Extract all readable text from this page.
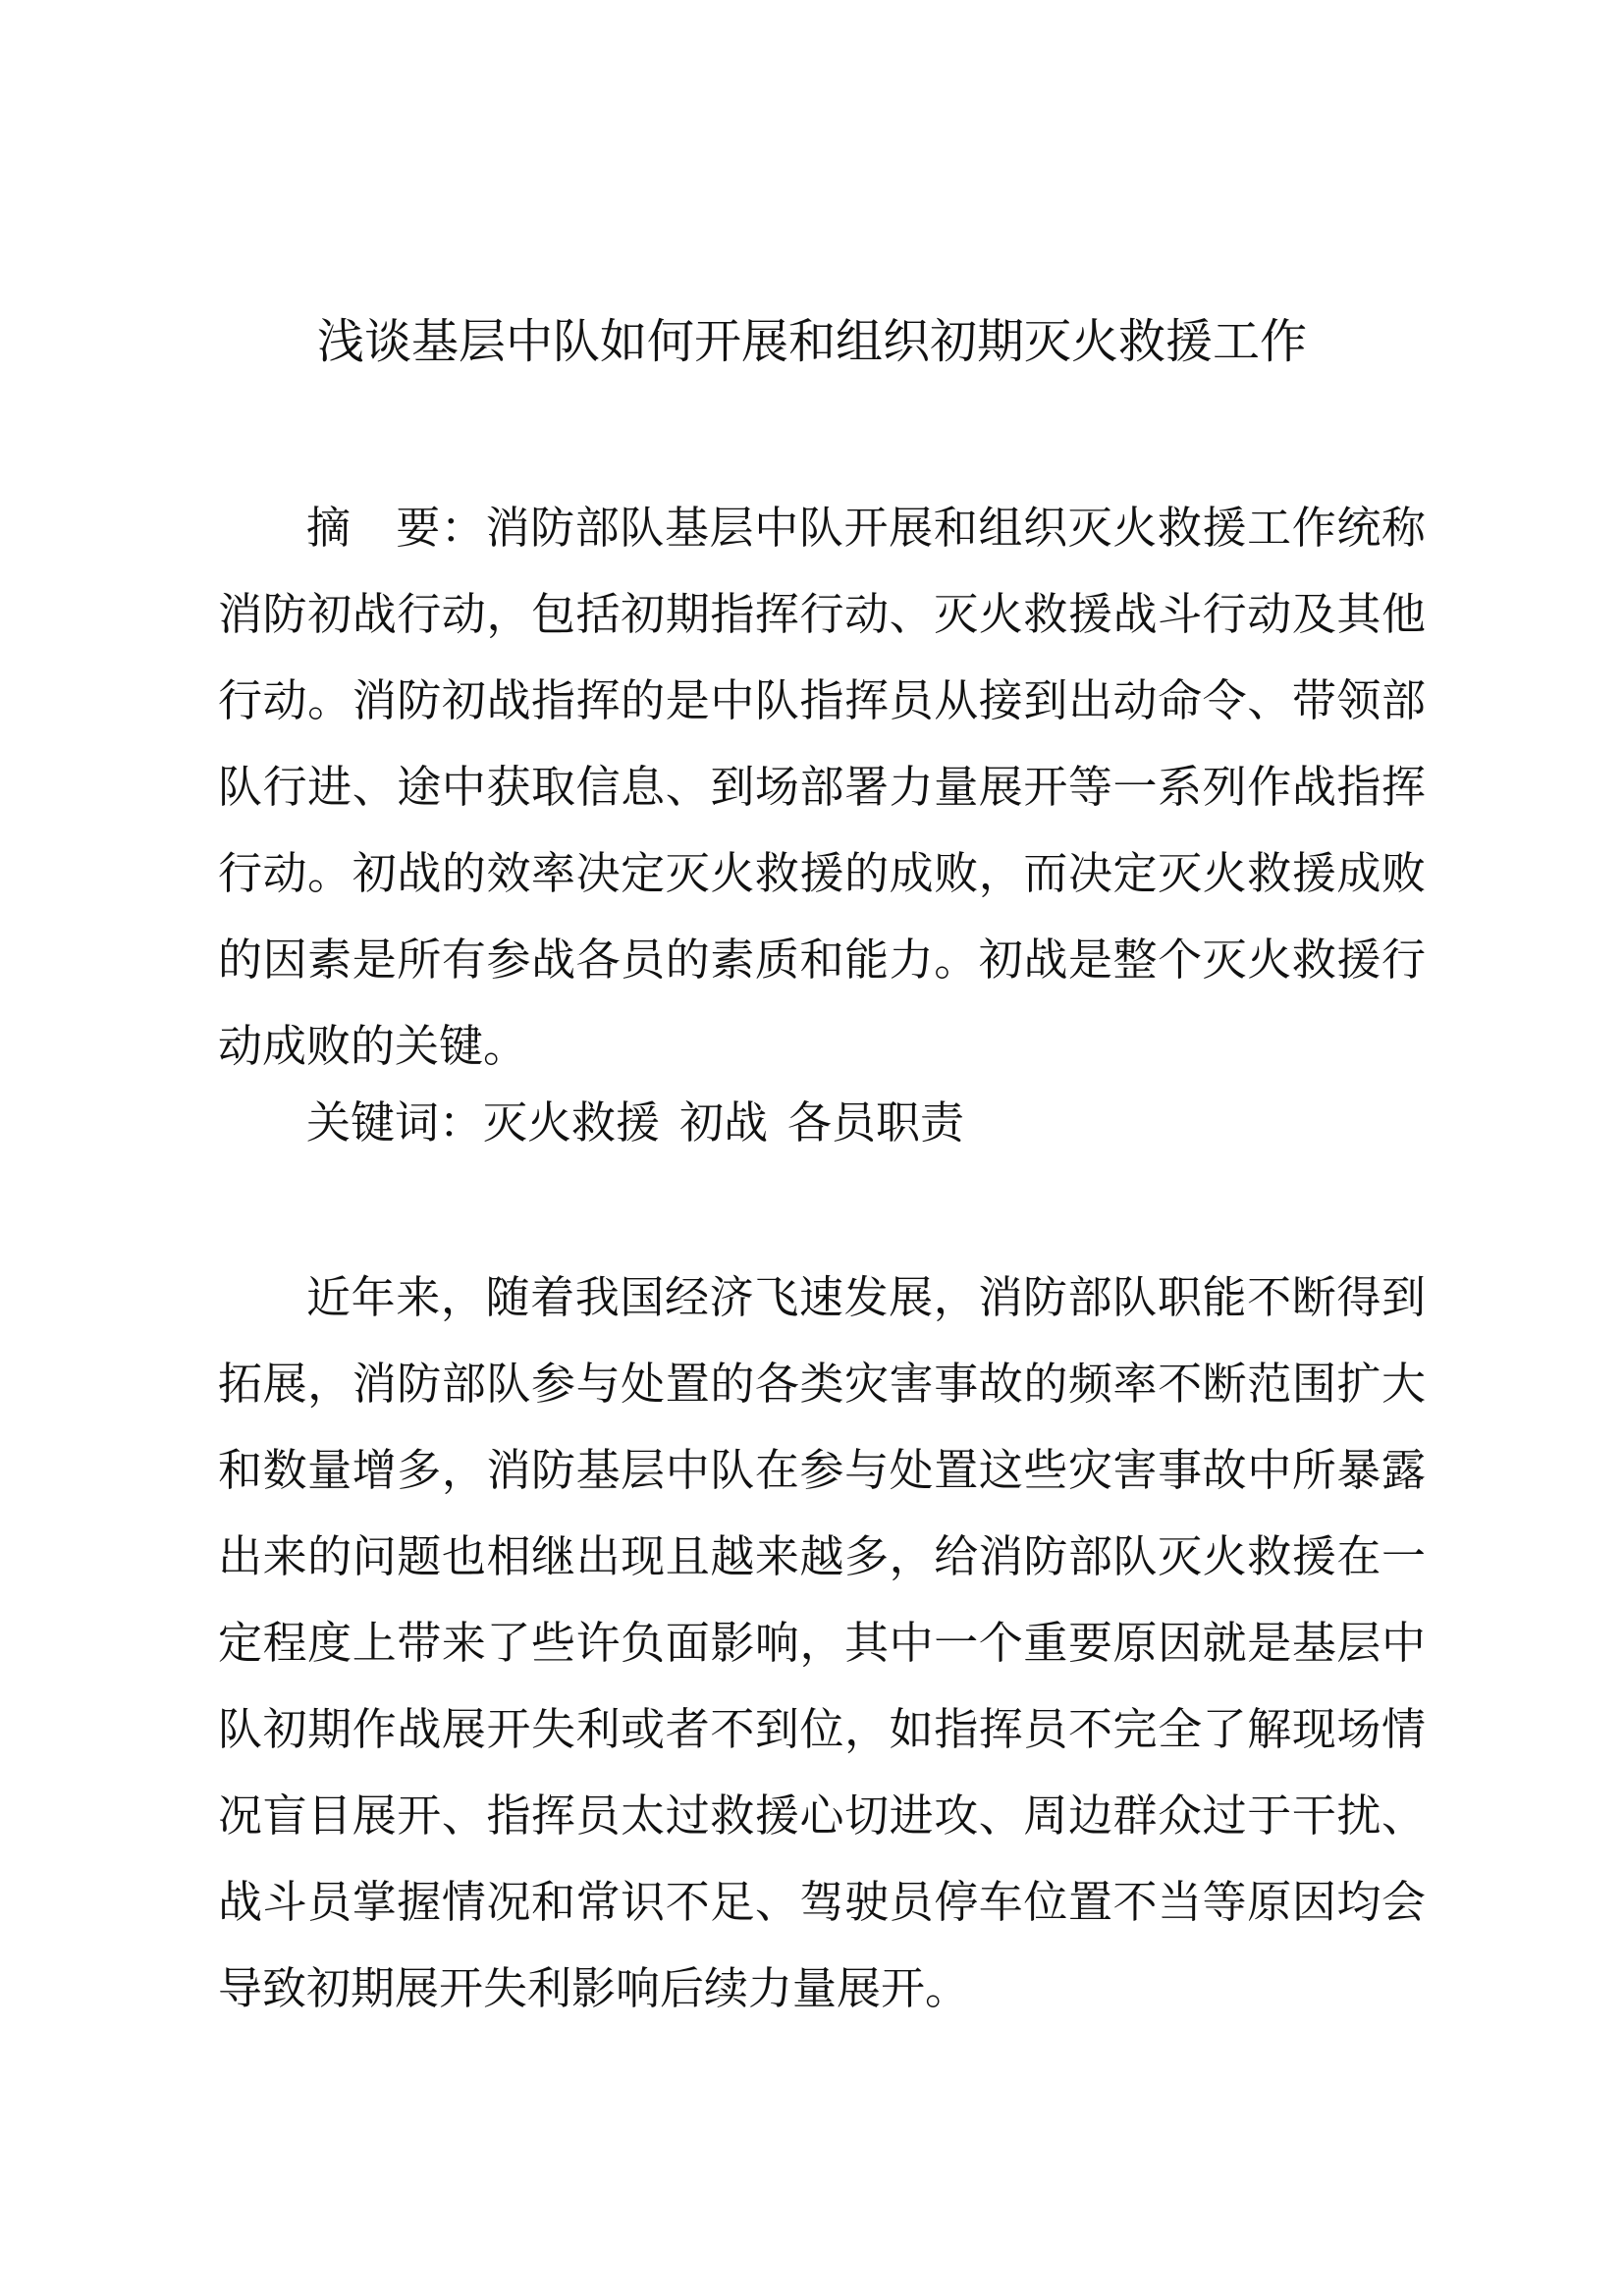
浅谈基层中队如何开展和组织初期灭火救援工作

摘　要：消防部队基层中队开展和组织灭火救援工作统称消防初战行动，包括初期指挥行动、灭火救援战斗行动及其他行动。消防初战指挥的是中队指挥员从接到出动命令、带领部队行进、途中获取信息、到场部署力量展开等一系列作战指挥行动。初战的效率决定灭火救援的成败，而决定灭火救援成败的因素是所有参战各员的素质和能力。初战是整个灭火救援行动成败的关键。

关键词：灭火救援 初战 各员职责

近年来，随着我国经济飞速发展，消防部队职能不断得到拓展，消防部队参与处置的各类灾害事故的频率不断范围扩大和数量增多，消防基层中队在参与处置这些灾害事故中所暴露出来的问题也相继出现且越来越多，给消防部队灭火救援在一定程度上带来了些许负面影响，其中一个重要原因就是基层中队初期作战展开失利或者不到位，如指挥员不完全了解现场情况盲目展开、指挥员太过救援心切进攻、周边群众过于干扰、战斗员掌握情况和常识不足、驾驶员停车位置不当等原因均会导致初期展开失利影响后续力量展开。
